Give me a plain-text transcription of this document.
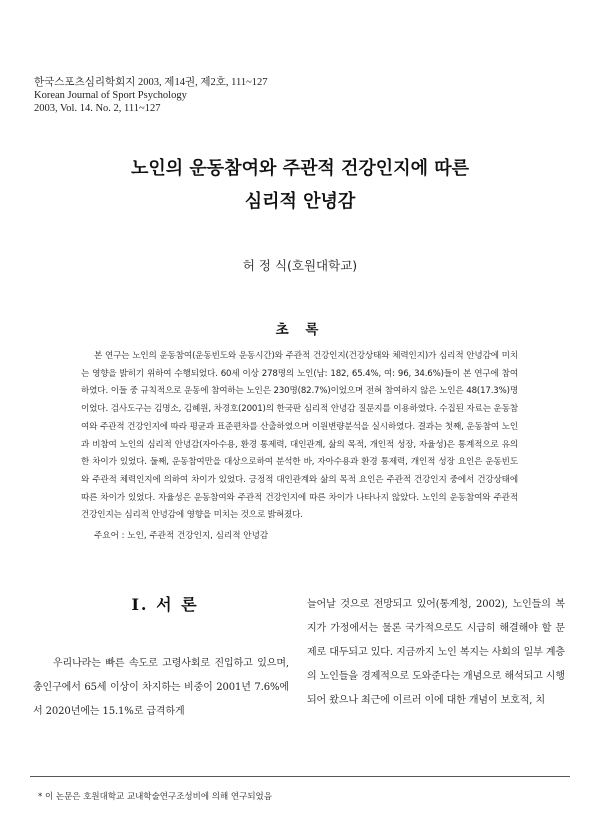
한국스포츠심리학회지 2003, 제14권, 제2호, 111~127
Korean Journal of Sport Psychology
2003, Vol. 14. No. 2, 111~127
노인의 운동참여와 주관적 건강인지에 따른
심리적 안녕감
허 정 식(호원대학교)
초 록
본 연구는 노인의 운동참여(운동빈도와 운동시간)와 주관적 건강인지(건강상태와 체력인지)가 심리적 안녕감에 미치는 영향을 밝히기 위하여 수행되었다. 60세 이상 278명의 노인(남: 182, 65.4%, 여: 96, 34.6%)들이 본 연구에 참여하였다. 이들 중 규칙적으로 운동에 참여하는 노인은 230명(82.7%)이었으며 전혀 참여하지 않은 노인은 48(17.3%)명이었다. 검사도구는 김명소, 김혜원, 차경호(2001)의 한국판 심리적 안녕감 질문지를 이용하였다. 수집된 자료는 운동참여와 주관적 건강인지에 따라 평균과 표준편차를 산출하였으며 이원변량분석을 실시하였다. 결과는 첫째, 운동참여 노인과 비참여 노인의 심리적 안녕감(자아수용, 환경 통제력, 대인관계, 삶의 목적, 개인적 성장, 자율성)은 통계적으로 유의한 차이가 있었다. 둘째, 운동참여만을 대상으로하여 분석한 바, 자아수용과 환경 통제력, 개인적 성장 요인은 운동빈도와 주관적 체력인지에 의하여 차이가 있었다. 긍정적 대인관계와 삶의 목적 요인은 주관적 건강인지 중에서 건강상태에 따른 차이가 있었다. 자율성은 운동참여와 주관적 건강인지에 따른 차이가 나타나지 않았다. 노인의 운동참여와 주관적 건강인지는 심리적 안녕감에 영향을 미치는 것으로 밝혀졌다.
주요어 : 노인, 주관적 건강인지, 심리적 안녕감
I. 서 론
우리나라는 빠른 속도로 고령사회로 진입하고 있으며, 총인구에서 65세 이상이 차지하는 비중이 2001년 7.6%에서 2020년에는 15.1%로 급격하게
늘어날 것으로 전망되고 있어(통계청, 2002), 노인들의 복지가 가정에서는 물론 국가적으로도 시급히 해결해야 할 문제로 대두되고 있다. 지금까지 노인 복지는 사회의 일부 계층의 노인들을 경제적으로 도와준다는 개념으로 해석되고 시행되어 왔으나 최근에 이르러 이에 대한 개념이 보호적, 치
* 이 논문은 호원대학교 교내학술연구조성비에 의해 연구되었음
